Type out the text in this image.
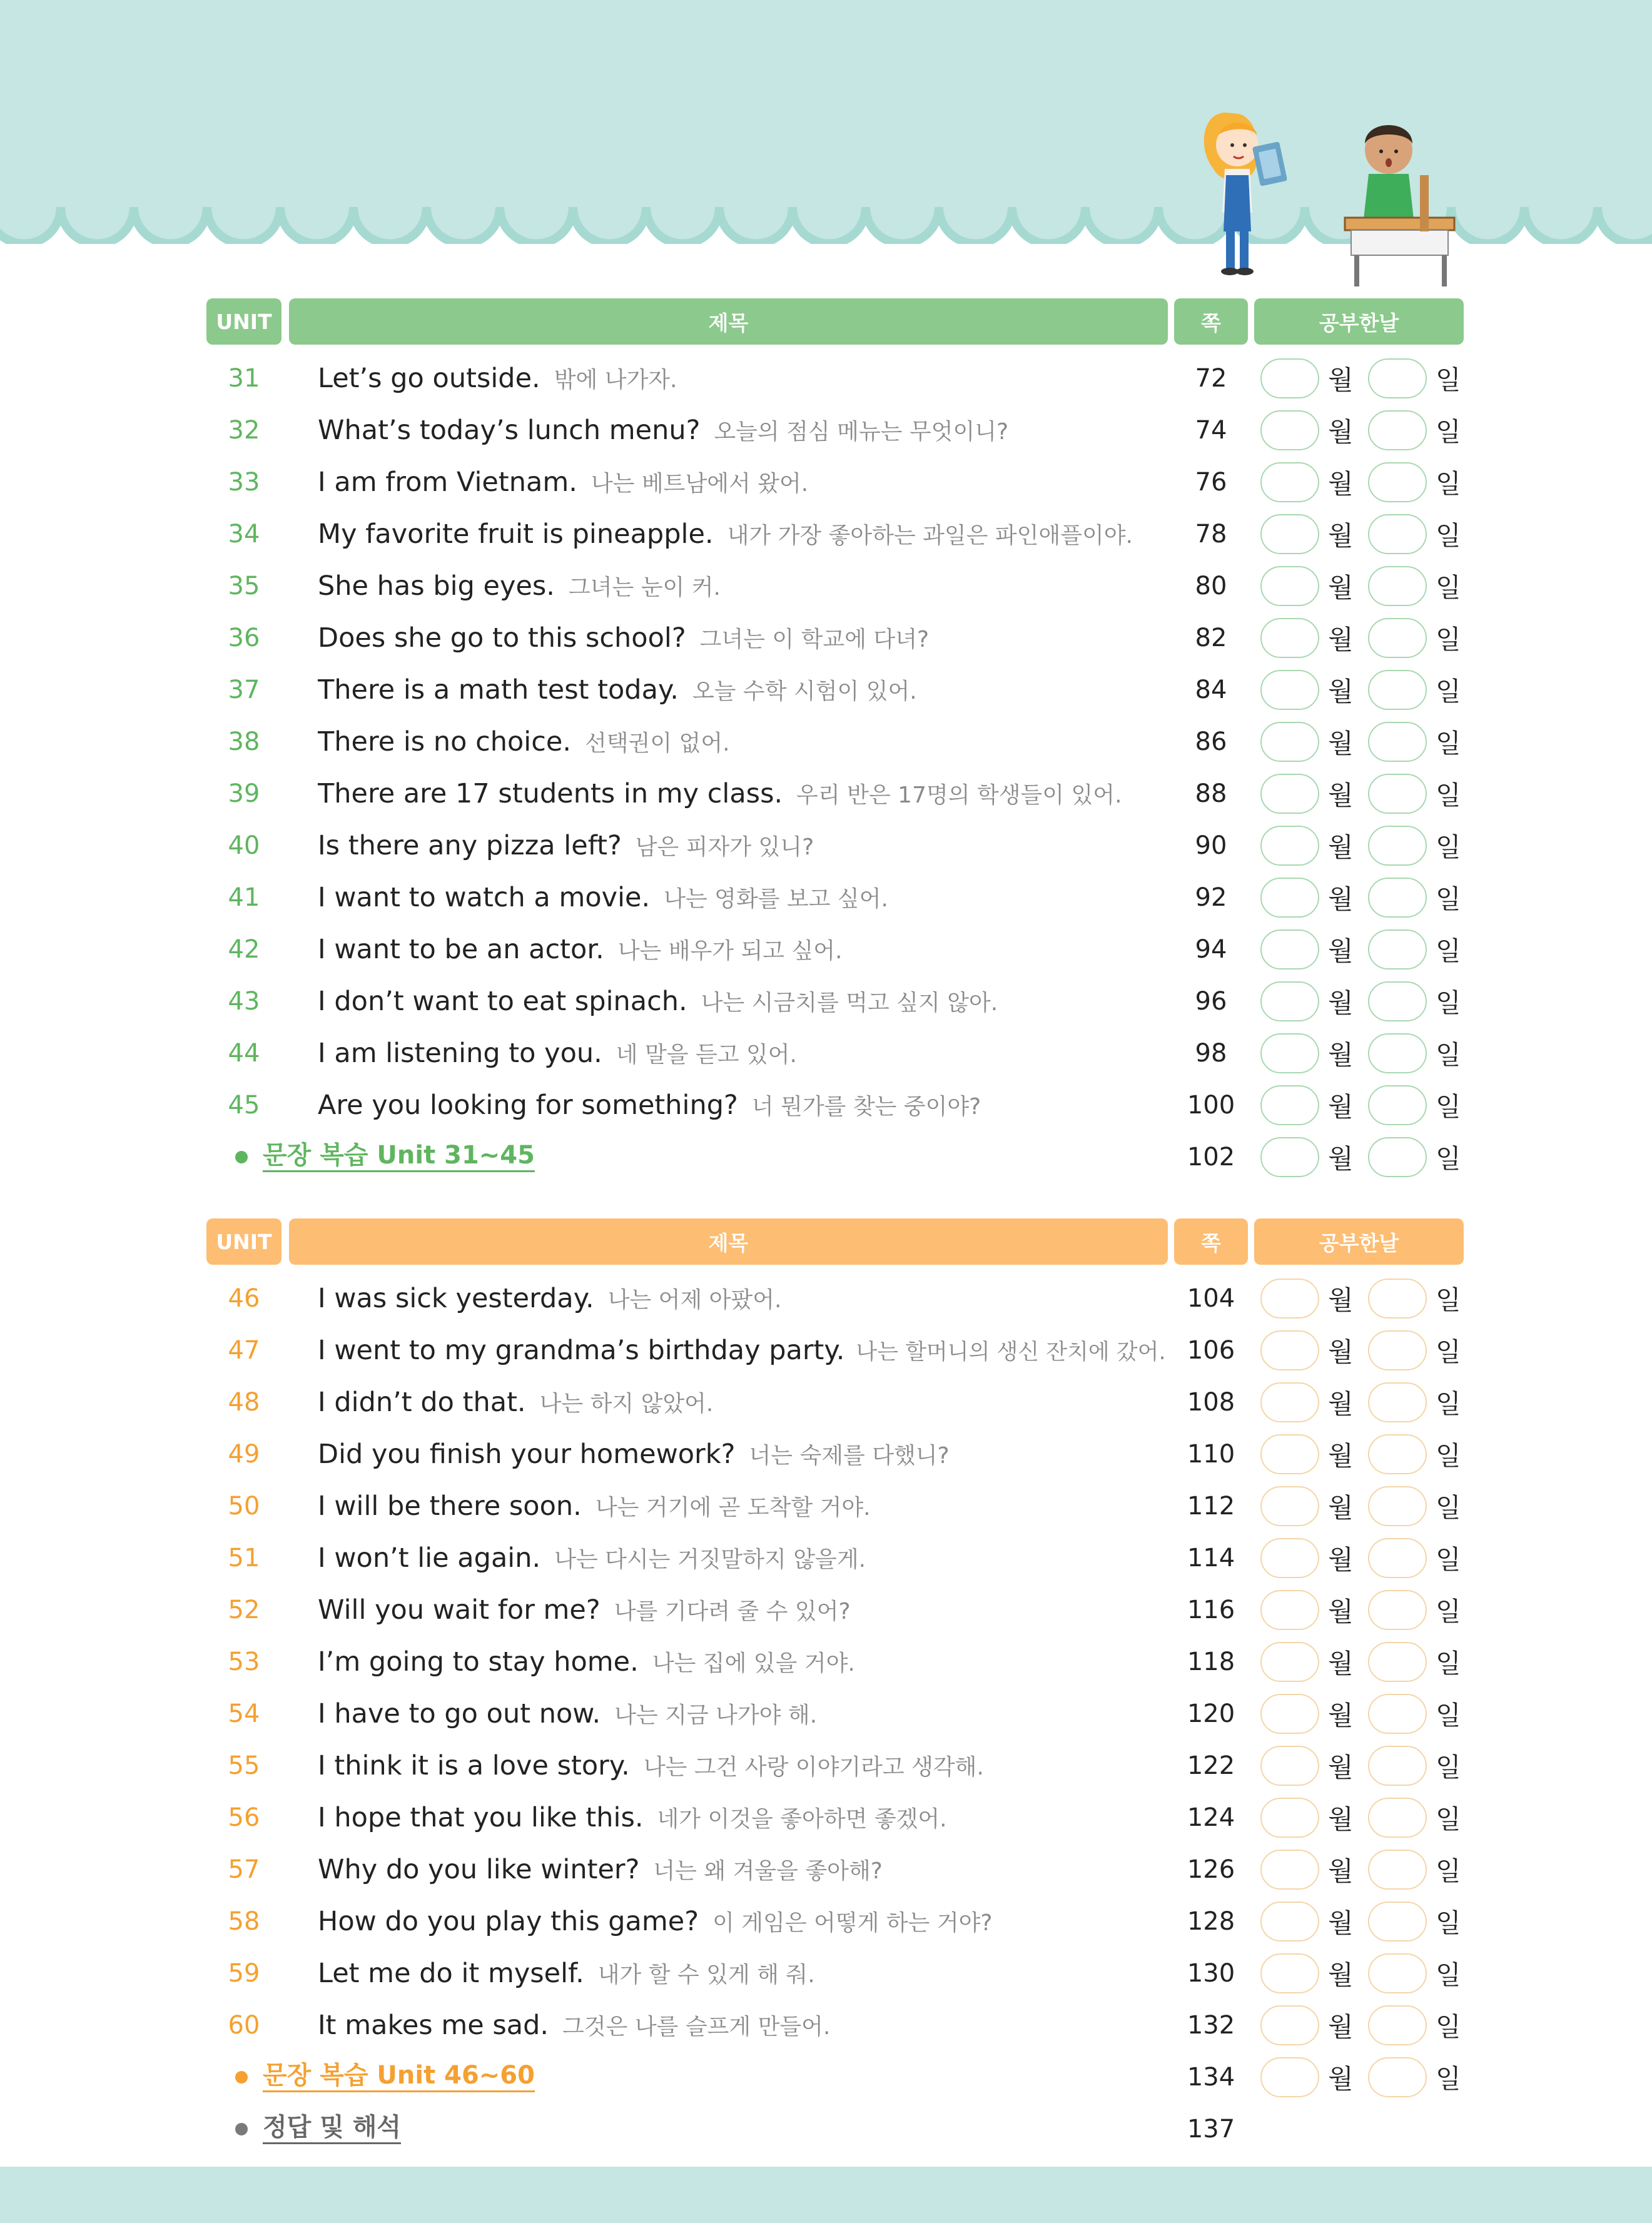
UNIT	제목	쪽	공부한날
31	Let’s go outside. 밖에 나가자.	72	월	일
32	What’s today’s lunch menu? 오늘의 점심 메뉴는 무엇이니?	74	월	일
33	I am from Vietnam. 나는 베트남에서 왔어.	76	월	일
34	My favorite fruit is pineapple. 내가 가장 좋아하는 과일은 파인애플이야.	78	월	일
35	She has big eyes. 그녀는 눈이 커.	80	월	일
36	Does she go to this school? 그녀는 이 학교에 다녀?	82	월	일
37	There is a math test today. 오늘 수학 시험이 있어.	84	월	일
38	There is no choice. 선택권이 없어.	86	월	일
39	There are 17 students in my class. 우리 반은 17명의 학생들이 있어.	88	월	일
40	Is there any pizza left? 남은 피자가 있니?	90	월	일
41	I want to watch a movie. 나는 영화를 보고 싶어.	92	월	일
42	I want to be an actor. 나는 배우가 되고 싶어.	94	월	일
43	I don’t want to eat spinach. 나는 시금치를 먹고 싶지 않아.	96	월	일
44	I am listening to you. 네 말을 듣고 있어.	98	월	일
45	Are you looking for something? 너 뭔가를 찾는 중이야?	100	월	일
문장 복습 Unit 31~45	102	월	일
UNIT	제목	쪽	공부한날
46	I was sick yesterday. 나는 어제 아팠어.	104	월	일
47	I went to my grandma’s birthday party. 나는 할머니의 생신 잔치에 갔어. 106	월	일
48	I didn’t do that. 나는 하지 않았어.	108	월	일
49	Did you finish your homework? 너는 숙제를 다했니?	110	월	일
50	I will be there soon. 나는 거기에 곧 도착할 거야.	112	월	일
51	I won’t lie again. 나는 다시는 거짓말하지 않을게.	114	월	일
52	Will you wait for me? 나를 기다려 줄 수 있어?	116	월	일
53	I’m going to stay home. 나는 집에 있을 거야.	118	월	일
54	I have to go out now. 나는 지금 나가야 해.	120	월	일
55	I think it is a love story. 나는 그건 사랑 이야기라고 생각해.	122	월	일
56	I hope that you like this. 네가 이것을 좋아하면 좋겠어.	124	월	일
57	Why do you like winter? 너는 왜 겨울을 좋아해?	126	월	일
58	How do you play this game? 이 게임은 어떻게 하는 거야?	128	월	일
59	Let me do it myself. 내가 할 수 있게 해 줘.	130	월	일
60	It makes me sad. 그것은 나를 슬프게 만들어.	132	월	일
문장 복습 Unit 46~60	134	월	일
정답 및 해석	137
